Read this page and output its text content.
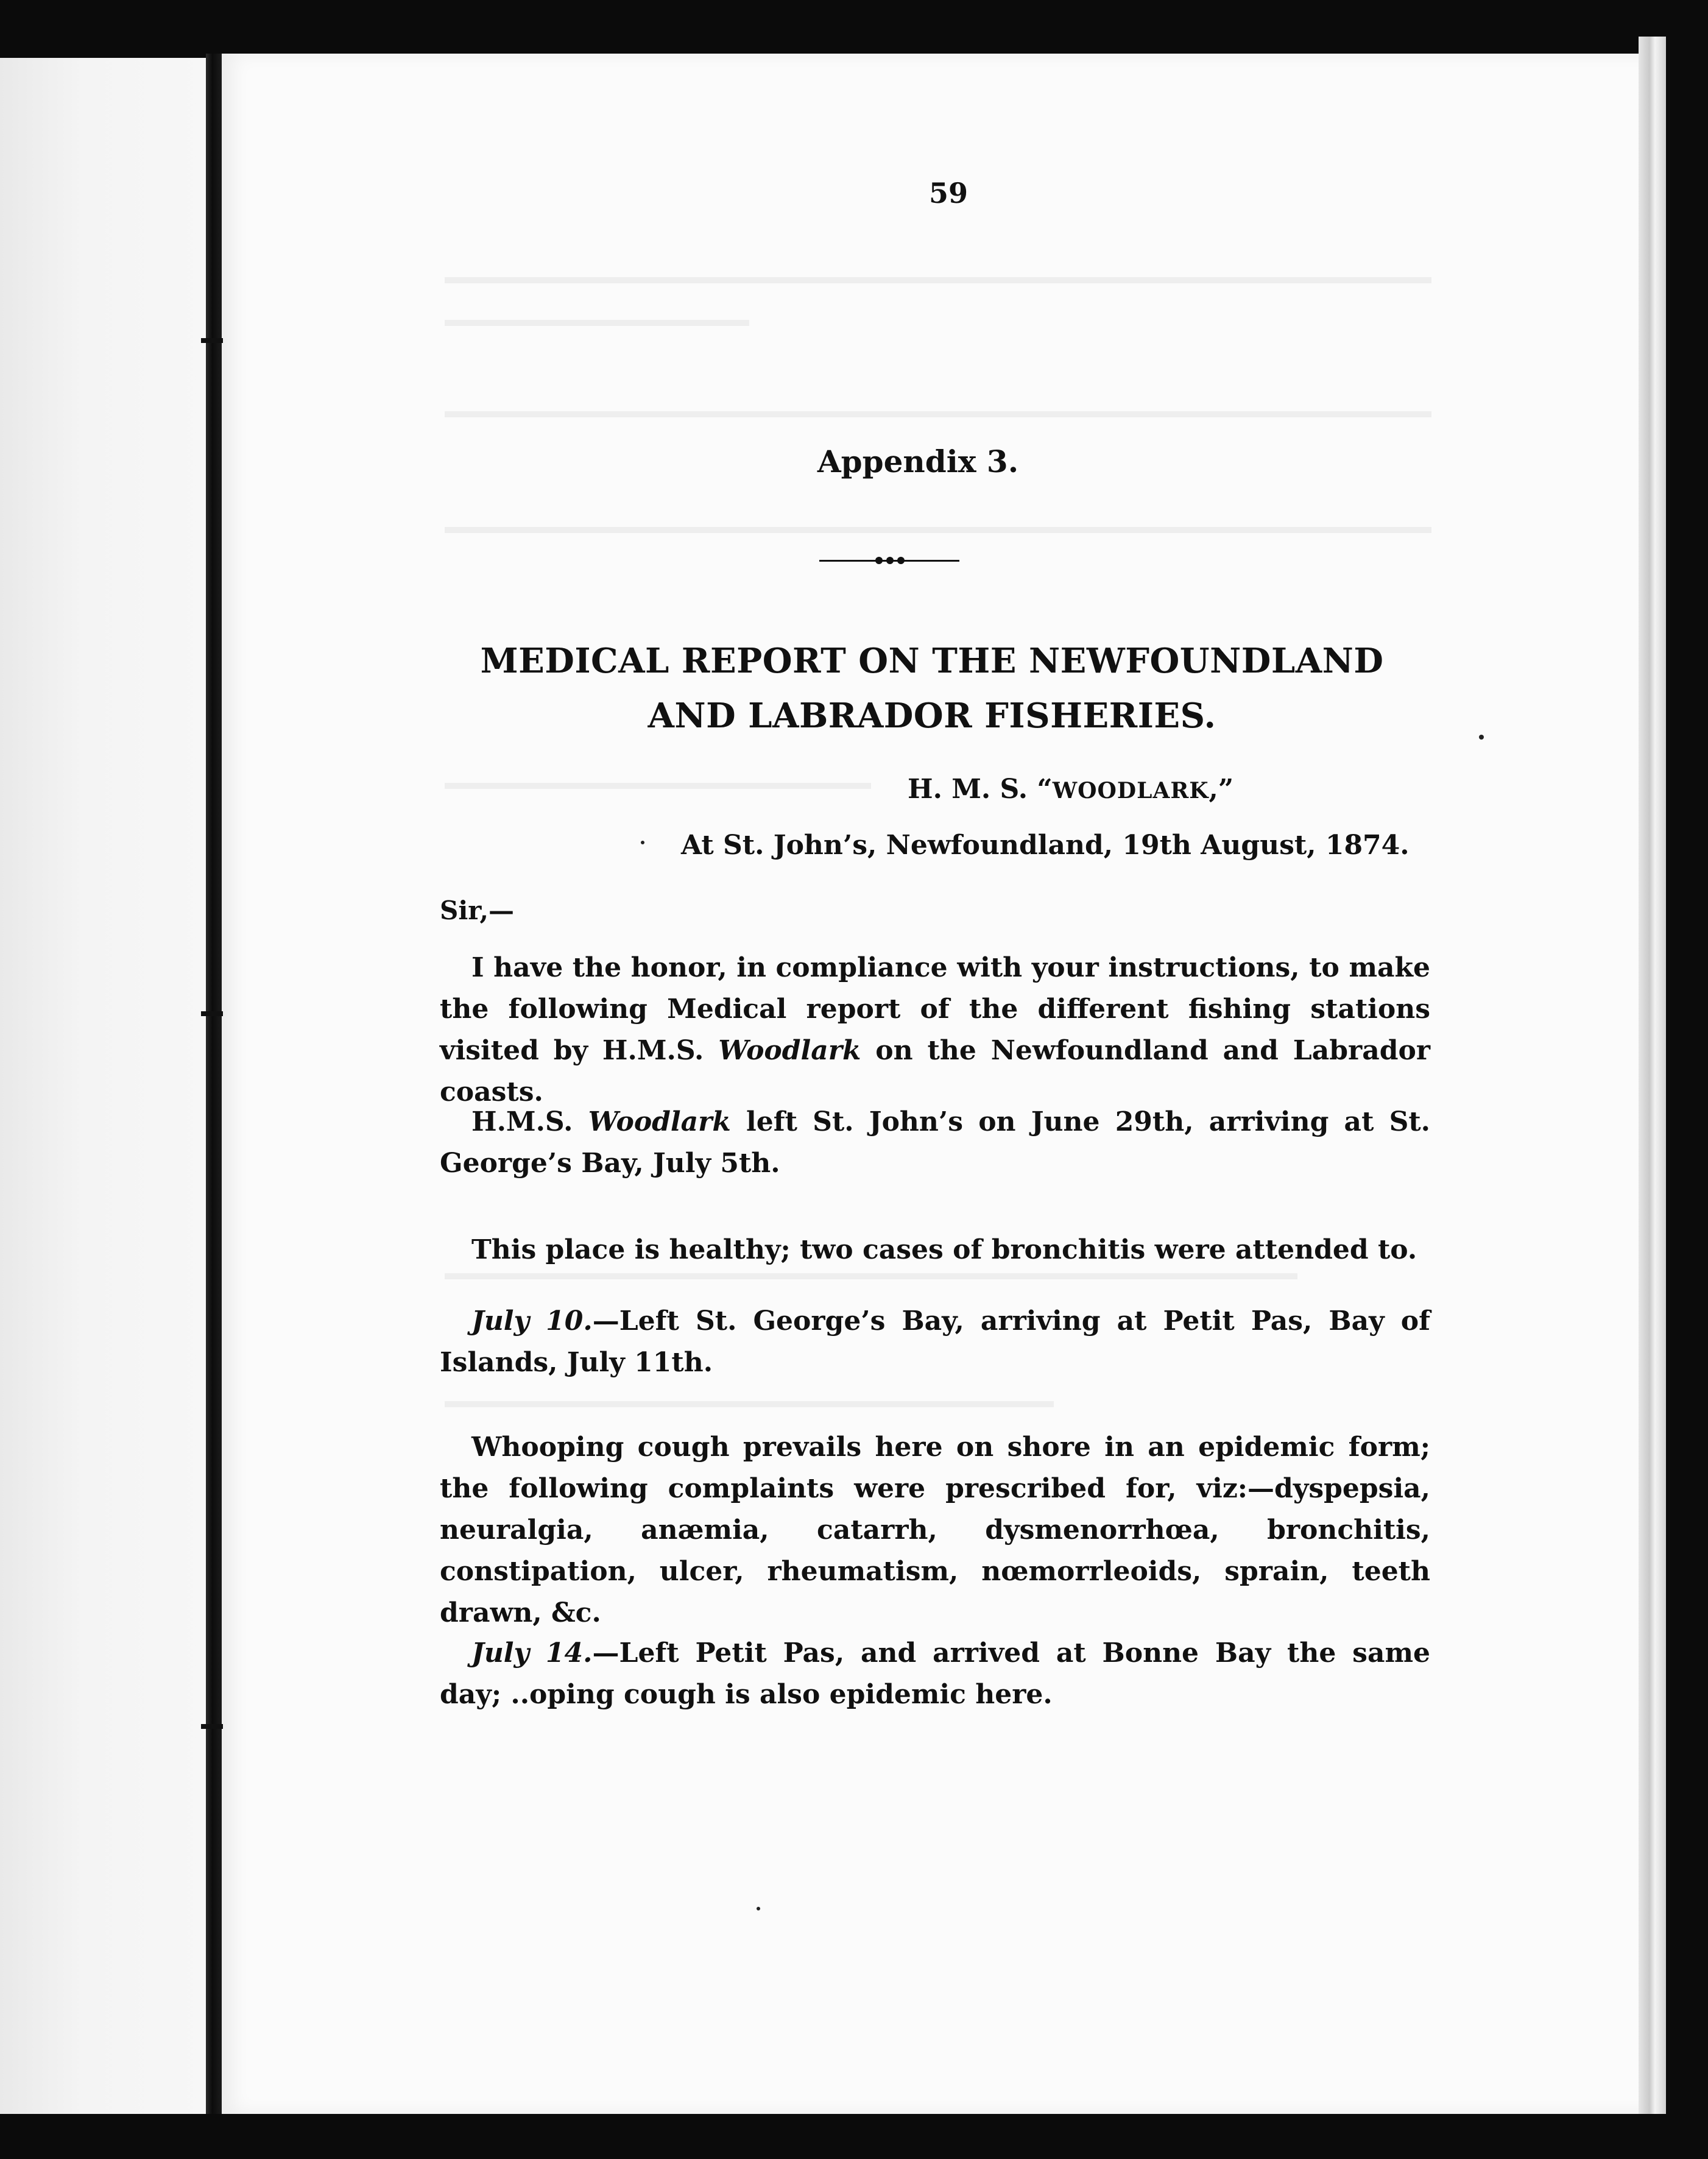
59
Appendix 3.
MEDICAL REPORT ON THE NEWFOUNDLAND
AND LABRADOR FISHERIES.
H. M. S. “WOODLARK,”
At St. John’s, Newfoundland, 19th August, 1874.
Sir,—
I have the honor, in compliance with your instructions, to make the following Medical report of the different fishing stations visited by H.M.S. Woodlark on the Newfoundland and Labrador coasts.
H.M.S. Woodlark left St. John’s on June 29th, arriving at St. George’s Bay, July 5th.
This place is healthy; two cases of bronchitis were attended to.
July 10.—Left St. George’s Bay, arriving at Petit Pas, Bay of Islands, July 11th.
Whooping cough prevails here on shore in an epidemic form; the following complaints were prescribed for, viz:—dyspepsia, neuralgia, anæmia, catarrh, dysmenorrhœa, bronchitis, constipation, ulcer, rheumatism, nœmorrleoids, sprain, teeth drawn, &c.
July 14.—Left Petit Pas, and arrived at Bonne Bay the same day; ..oping cough is also epidemic here.
